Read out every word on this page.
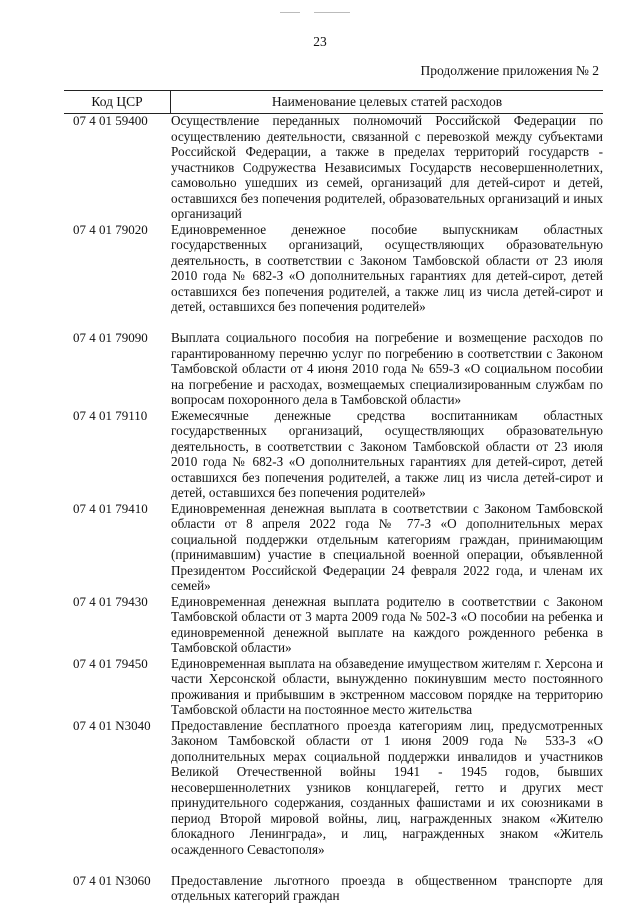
23
Продолжение приложения № 2
Код ЦСР	Наименование целевых статей расходов
07 4 01 59400	Осуществление переданных полномочий Российской Федерации по осуществлению деятельности, связанной с перевозкой между субъектами Российской Федерации, а также в пределах территорий государств - участников Содружества Независимых Государств несовершеннолетних, самовольно ушедших из семей, организаций для детей-сирот и детей, оставшихся без попечения родителей, образовательных организаций и иных организаций
07 4 01 79020	Единовременное денежное пособие выпускникам областных государственных организаций, осуществляющих образовательную деятельность, в соответствии с Законом Тамбовской области от 23 июля 2010 года № 682-З «О дополнительных гарантиях для детей-сирот, детей оставшихся без попечения родителей, а также лиц из числа детей-сирот и детей, оставшихся без попечения родителей»
07 4 01 79090	Выплата социального пособия на погребение и возмещение расходов по гарантированному перечню услуг по погребению в соответствии с Законом Тамбовской области от 4 июня 2010 года № 659-З «О социальном пособии на погребение и расходах, возмещаемых специализированным службам по вопросам похоронного дела в Тамбовской области»
07 4 01 79110	Ежемесячные денежные средства воспитанникам областных государственных организаций, осуществляющих образовательную деятельность, в соответствии с Законом Тамбовской области от 23 июля 2010 года № 682-З «О дополнительных гарантиях для детей-сирот, детей оставшихся без попечения родителей, а также лиц из числа детей-сирот и детей, оставшихся без попечения родителей»
07 4 01 79410	Единовременная денежная выплата в соответствии с Законом Тамбовской области от 8 апреля 2022 года № 77-З «О дополнительных мерах социальной поддержки отдельным категориям граждан, принимающим (принимавшим) участие в специальной военной операции, объявленной Президентом Российской Федерации 24 февраля 2022 года, и членам их семей»
07 4 01 79430	Единовременная денежная выплата родителю в соответствии с Законом Тамбовской области от 3 марта 2009 года № 502-З «О пособии на ребенка и единовременной денежной выплате на каждого рожденного ребенка в Тамбовской области»
07 4 01 79450	Единовременная выплата на обзаведение имуществом жителям г. Херсона и части Херсонской области, вынужденно покинувшим место постоянного проживания и прибывшим в экстренном массовом порядке на территорию Тамбовской области на постоянное место жительства
07 4 01 N3040	Предоставление бесплатного проезда категориям лиц, предусмотренных Законом Тамбовской области от 1 июня 2009 года № 533-З «О дополнительных мерах социальной поддержки инвалидов и участников Великой Отечественной войны 1941 - 1945 годов, бывших несовершеннолетних узников концлагерей, гетто и других мест принудительного содержания, созданных фашистами и их союзниками в период Второй мировой войны, лиц, награжденных знаком «Жителю блокадного Ленинграда», и лиц, награжденных знаком «Житель осажденного Севастополя»
07 4 01 N3060	Предоставление льготного проезда в общественном транспорте для отдельных категорий граждан
